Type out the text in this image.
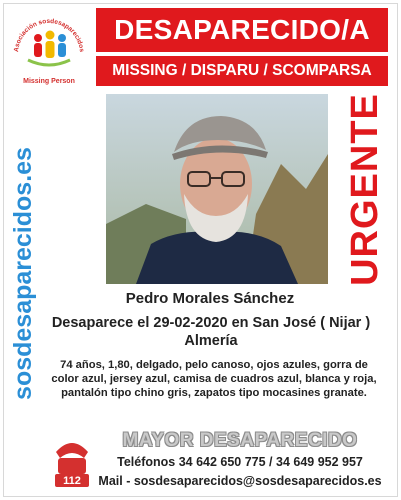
Asociación sosdesaparecidos
Missing Person
DESAPARECIDO/A
MISSING / DISPARU / SCOMPARSA
sosdesaparecidos.es	URGENTE
Pedro Morales Sánchez
Desaparece el 29-02-2020 en San José ( Nijar )
Almería
74 años, 1,80, delgado, pelo canoso, ojos azules, gorra de color azul, jersey azul, camisa de cuadros azul, blanca y roja, pantalón tipo chino gris, zapatos tipo mocasines granate.
112
MAYOR DESAPARECIDO
Teléfonos 34 642 650 775 / 34 649 952 957
Mail - sosdesaparecidos@sosdesaparecidos.es
